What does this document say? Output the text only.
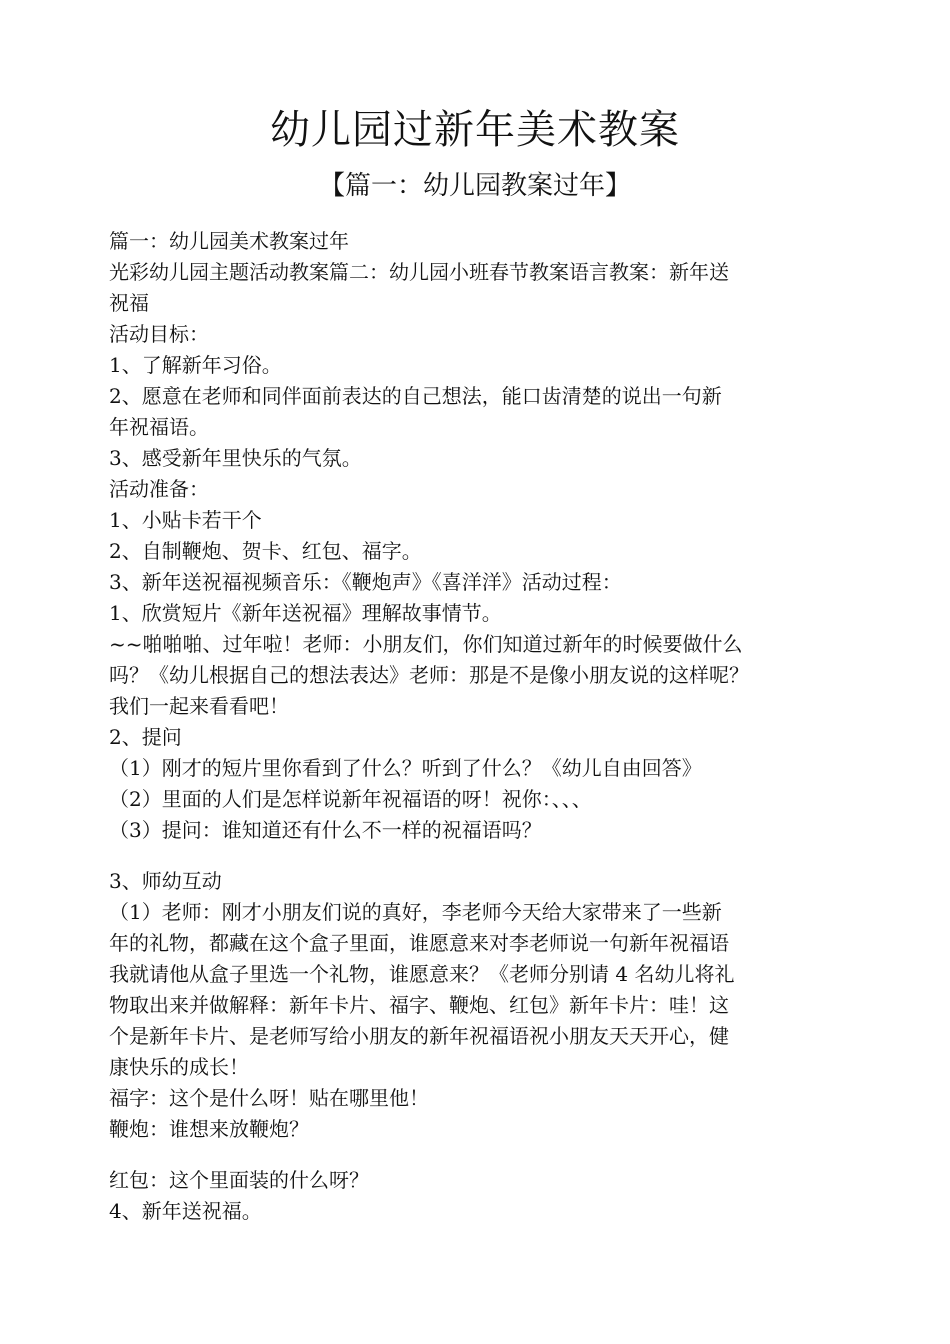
幼儿园过新年美术教案
【篇一：幼儿园教案过年】

篇一：幼儿园美术教案过年

光彩幼儿园主题活动教案篇二：幼儿园小班春节教案语言教案：新年送

祝福

活动目标：

1、了解新年习俗。

2、愿意在老师和同伴面前表达的自己想法，能口齿清楚的说出一句新

年祝福语。

3、感受新年里快乐的气氛。

活动准备：

1、小贴卡若干个

2、自制鞭炮、贺卡、红包、福字。

3、新年送祝福视频音乐：《鞭炮声》《喜洋洋》活动过程：

1、欣赏短片《新年送祝福》理解故事情节。

~~啪啪啪、过年啦！老师：小朋友们，你们知道过新年的时候要做什么

吗？《幼儿根据自己的想法表达》老师：那是不是像小朋友说的这样呢？

我们一起来看看吧！

2、提问

（1）刚才的短片里你看到了什么？听到了什么？《幼儿自由回答》

（2）里面的人们是怎样说新年祝福语的呀！祝你：、、、

（3）提问：谁知道还有什么不一样的祝福语吗？

3、师幼互动

（1）老师：刚才小朋友们说的真好，李老师今天给大家带来了一些新

年的礼物，都藏在这个盒子里面，谁愿意来对李老师说一句新年祝福语

我就请他从盒子里选一个礼物，谁愿意来？《老师分别请 4 名幼儿将礼

物取出来并做解释：新年卡片、福字、鞭炮、红包》新年卡片：哇！这

个是新年卡片、是老师写给小朋友的新年祝福语祝小朋友天天开心，健

康快乐的成长！

福字：这个是什么呀！贴在哪里他！

鞭炮：谁想来放鞭炮？

红包：这个里面装的什么呀？

4、新年送祝福。
